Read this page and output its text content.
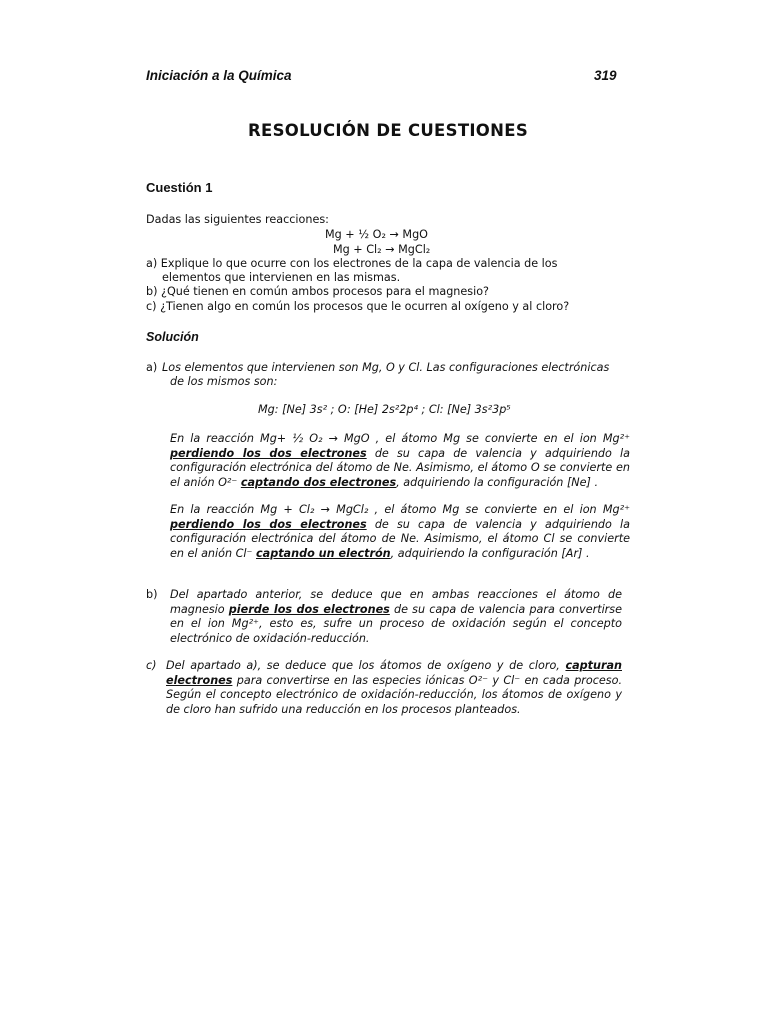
Iniciación a la Química	319
RESOLUCIÓN DE CUESTIONES
Cuestión 1
Dadas las siguientes reacciones:
Mg + ½ O₂ → MgO
Mg + Cl₂ → MgCl₂
a) Explique lo que ocurre con los electrones de la capa de valencia de los
elementos que intervienen en las mismas.
b) ¿Qué tienen en común ambos procesos para el magnesio?
c) ¿Tienen algo en común los procesos que le ocurren al oxígeno y al cloro?
Solución
a) Los elementos que intervienen son Mg, O y Cl. Las configuraciones electrónicas
de los mismos son:
Mg: [Ne] 3s² ; O: [He] 2s²2p⁴ ; Cl: [Ne] 3s²3p⁵
En la reacción Mg+ ½ O₂ → MgO , el átomo Mg se convierte en el ion Mg²⁺ perdiendo los dos electrones de su capa de valencia y adquiriendo la configuración electrónica del átomo de Ne. Asimismo, el átomo O se convierte en el anión O²⁻ captando dos electrones, adquiriendo la configuración [Ne] .
En la reacción Mg + Cl₂ → MgCl₂ , el átomo Mg se convierte en el ion Mg²⁺ perdiendo los dos electrones de su capa de valencia y adquiriendo la configuración electrónica del átomo de Ne. Asimismo, el átomo Cl se convierte en el anión Cl⁻ captando un electrón, adquiriendo la configuración [Ar] .
b) Del apartado anterior, se deduce que en ambas reacciones el átomo de magnesio pierde los dos electrones de su capa de valencia para convertirse en el ion Mg²⁺, esto es, sufre un proceso de oxidación según el concepto electrónico de oxidación-reducción.
c) Del apartado a), se deduce que los átomos de oxígeno y de cloro, capturan electrones para convertirse en las especies iónicas O²⁻ y Cl⁻ en cada proceso. Según el concepto electrónico de oxidación-reducción, los átomos de oxígeno y de cloro han sufrido una reducción en los procesos planteados.
